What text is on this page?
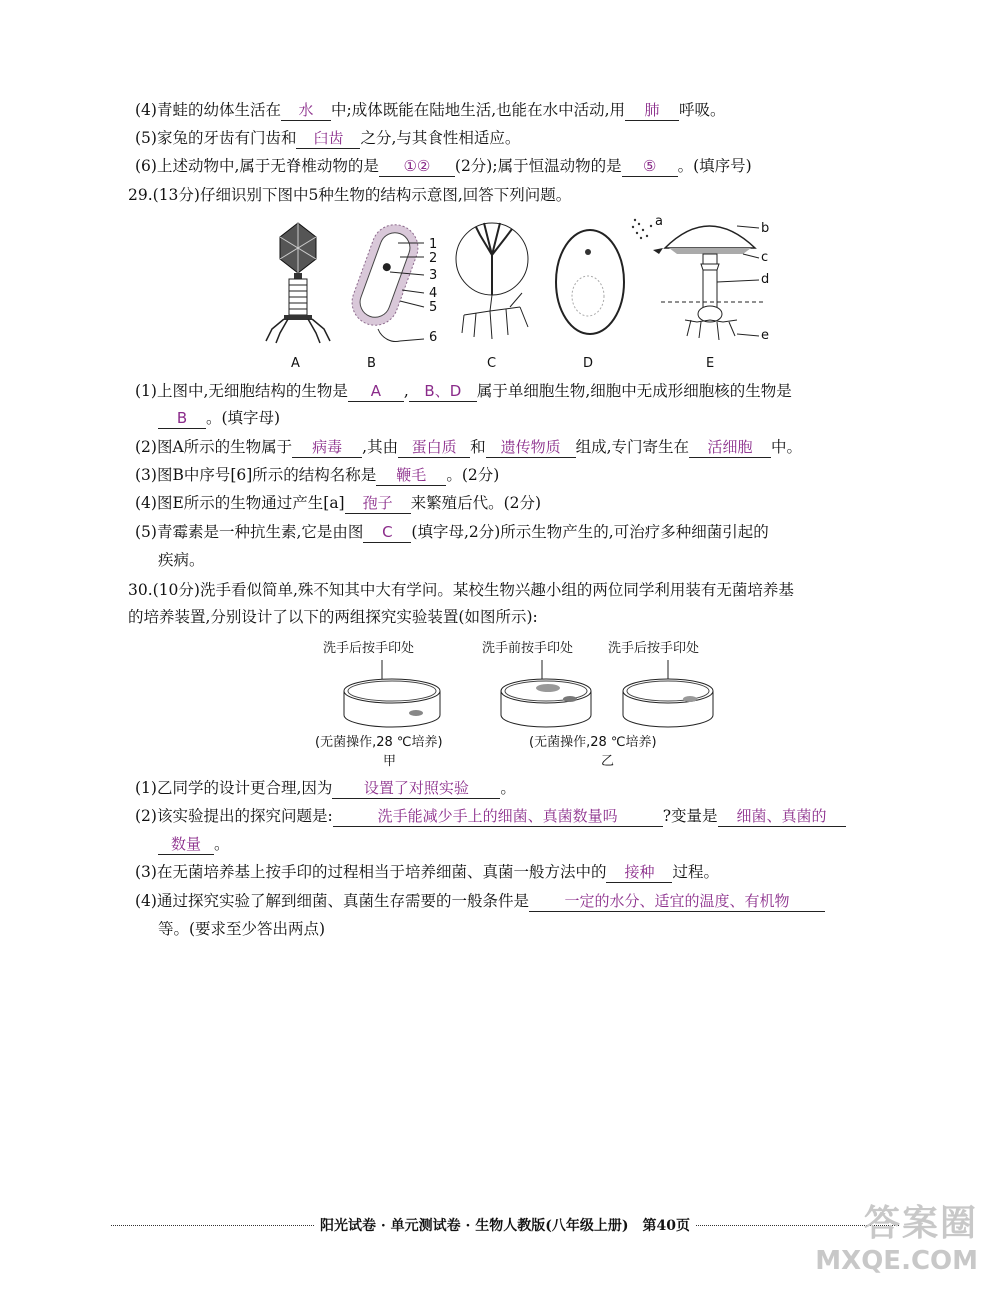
(4)青蛙的幼体生活在 水 中;成体既能在陆地生活,也能在水中活动,用 肺 呼吸。
(5)家兔的牙齿有门齿和 臼齿 之分,与其食性相适应。
(6)上述动物中,属于无脊椎动物的是 ①② (2分);属于恒温动物的是 ⑤ 。(填序号)
29.(13分)仔细识别下图中5种生物的结构示意图,回答下列问题。
A
1
2
3
4
5
6
B	C	D
a	b
c
d
e
E
(1)上图中,无细胞结构的生物是 A , B、D 属于单细胞生物,细胞中无成形细胞核的生物是
B 。(填字母)
(2)图A所示的生物属于 病毒 ,其由 蛋白质 和 遗传物质 组成,专门寄生在 活细胞 中。
(3)图B中序号[6]所示的结构名称是 鞭毛 。(2分)
(4)图E所示的生物通过产生[a] 孢子 来繁殖后代。(2分)
(5)青霉素是一种抗生素,它是由图 C (填字母,2分)所示生物产生的,可治疗多种细菌引起的
疾病。
30.(10分)洗手看似简单,殊不知其中大有学问。某校生物兴趣小组的两位同学利用装有无菌培养基
的培养装置,分别设计了以下的两组探究实验装置(如图所示):
洗手后按手印处	洗手前按手印处	洗手后按手印处
(无菌操作,28 ℃培养)	(无菌操作,28 ℃培养)
甲	乙
(1)乙同学的设计更合理,因为 设置了对照实验 。
(2)该实验提出的探究问题是:	洗手能减少手上的细菌、真菌数量吗	?变量是 细菌、真菌的
数量 。
(3)在无菌培养基上按手印的过程相当于培养细菌、真菌一般方法中的 接种 过程。
(4)通过探究实验了解到细菌、真菌生存需要的一般条件是 一定的水分、适宜的温度、有机物
等。(要求至少答出两点)
阳光试卷 · 单元测试卷 · 生物人教版(八年级上册) 第40页	答案圈
MXQE.COM
